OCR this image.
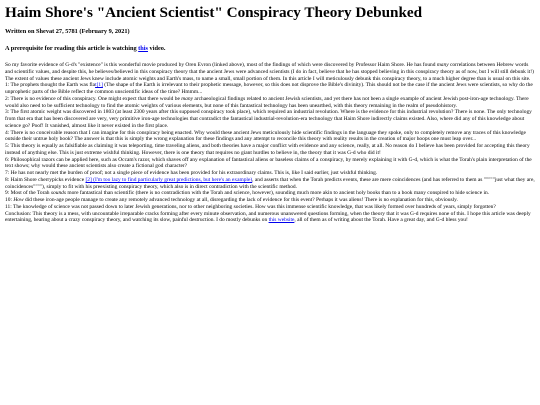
Haim Shore's "Ancient Scientist" Conspiracy Theory Debunked
Written on Shevat 27, 5781 (February 9, 2021)
A prerequisite for reading this article is watching this video.

So my favorite evidence of G-d's "existence" is this wonderful movie produced by Oren Evron (linked above), most of the findings of which were discovered by Professor Haim Shore. He has found many correlations between Hebrew words and scientific values, and despite this, he believes/believed in this conspiracy theory that the ancient Jews were advanced scientists (I do in fact, believe that he has stopped believing in this conspiracy theory as of now, but I will still debunk it!) The extent of values these ancient Jews knew include atomic weights and Earth's mass, to name a small, small portion of them. In this article I will meticulously debunk this conspiracy theory, to a much higher degree than is usual on this site.

1: The prophets thought the Earth was flat[1] (The shape of the Earth is irrelevant to their prophetic message, however, so this does not disprove the Bible's divinity). This should not be the case if the ancient Jews were scientists, so why do the unprophetic parts of the Bible reflect the common unscientific ideas of the time? Hmmm...

2: There is no evidence of this conspiracy. One might expect that there would be many archaeological findings related to ancient Jewish scientists, and yet there has not been a single example of ancient Jewish post-iron-age technology. There would also need to be sufficient technology to find the atomic weights of various elements, but none of this fantastical technology has been unearthed, with this theory remaining in the realm of pseudohistory.

3: The first atomic weight was discovered in 1803 (at least 2300 years after this supposed conspiracy took place), which required an industrial revolution. Where is the evidence for this industrial revolution? There is none. The only technology from that era that has been discovered are very, very primitive iron-age technologies that contradict the fantastical industrial-revolution-era technology that Haim Shore indirectly claims existed. Also, where did any of this knowledge about science go? Poof! It vanished, almost like it never existed in the first place.

4: There is no conceivable reason that I can imagine for this conspiracy being enacted. Why would these ancient Jews meticulously hide scientific findings in the language they spoke, only to completely remove any traces of this knowledge outside their untrue holy book? The answer is that this is simply the wrong explanation for these findings and any attempt to reconcile this theory with reality results in the creation of major hoops one must leap over...

5: This theory is equally as falsifiable as claiming it was teleporting, time traveling aliens, and both theories have a major conflict with evidence and any science, really, at all. No reason do I believe has been provided for accepting this theory instead of anything else. This is just extreme wishful thinking. However, there is one theory that requires no giant hurdles to believe in, the theory that it was G-d who did it!

6: Philosophical razors can be applied here, such as Occam's razor, which shaves off any explanation of fantastical aliens or baseless claims of a conspiracy, by merely explaining it with G-d, which is what the Torah's plain interpretation of the text shows; why would these ancient scientists also create a fictional god character?

7: He has not nearly met the burden of proof; not a single piece of evidence has been provided for his extraordinary claims. This is, like I said earlier, just wishful thinking.

8: Haim Shore cherrypicks evidence [2] (I'm too lazy to find particularly great predictions, but here's an example), and asserts that when the Torah predicts events, these are mere coincidences (and has referred to them as """""just what they are, coincidences""""), simply to fit with his preexisting conspiracy theory, which also is in direct contradiction with the scientific method.

9: Most of the Torah sounds more fantastical than scientific (there is no contradiction with the Torah and science, however), sounding much more akin to ancient holy books than to a book many conspired to hide science in.

10: How did these iron-age people manage to create any remotely advanced technology at all, disregarding the lack of evidence for this event? Perhaps it was aliens! There is no explanation for this, obviously.

11: The knowledge of science was not passed down to later Jewish generations, nor to other neighboring societies. How was this immense scientific knowledge, that was likely formed over hundreds of years, simply forgotten?

Conclusion: This theory is a mess, with uncountable irreparable cracks forming after every minute observation, and numerous unanswered questions forming, when the theory that it was G-d requires none of this. I hope this article was deeply entertaining, hearing about a crazy conspiracy theory, and watching its slow, painful destruction. I do mostly debunks on this website, all of them as of writing about the Torah. Have a great day, and G-d bless you!
